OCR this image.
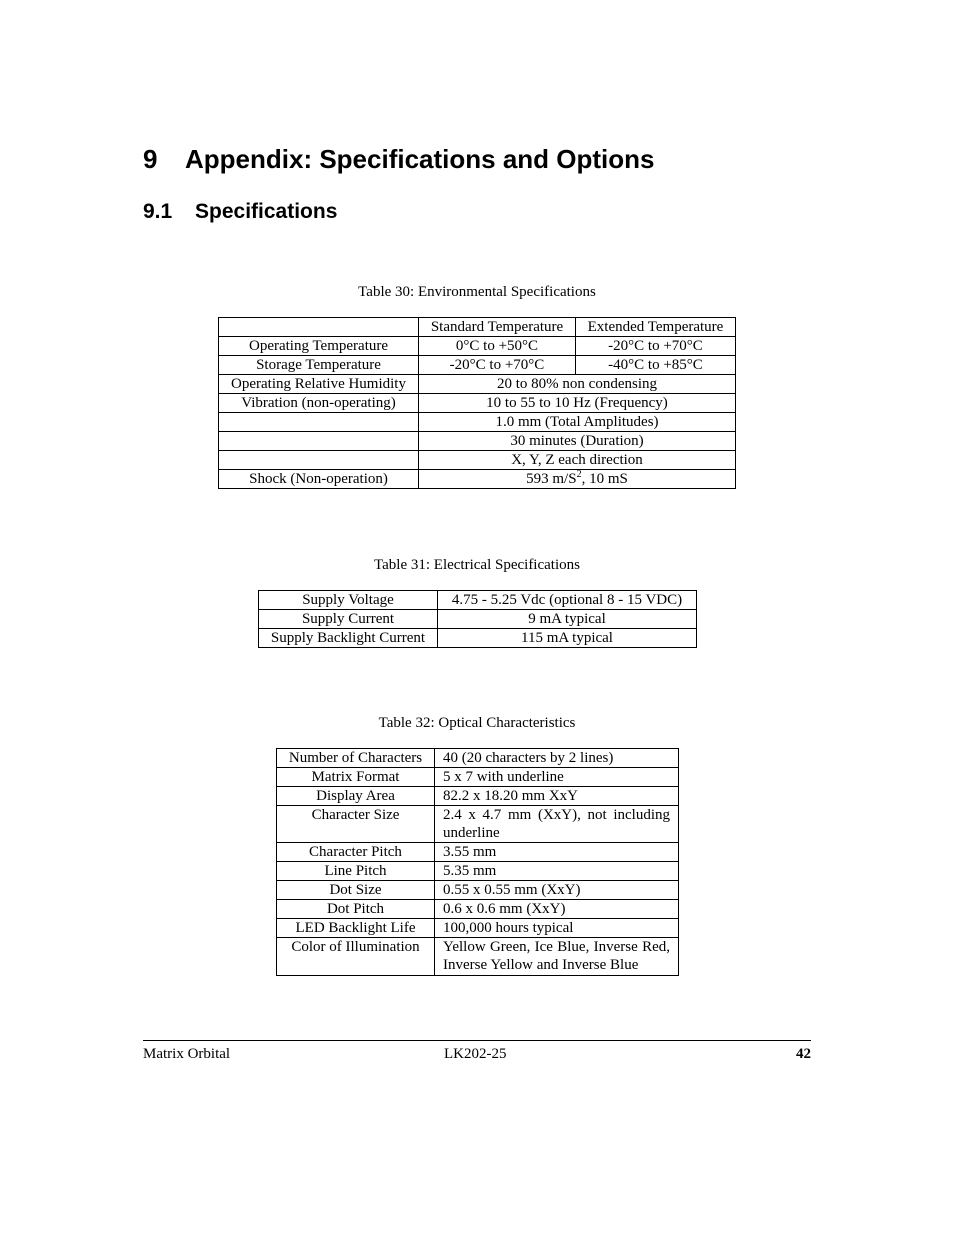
9 Appendix: Specifications and Options
9.1 Specifications
Table 30: Environmental Specifications
	Standard Temperature	Extended Temperature
Operating Temperature	0°C to +50°C	-20°C to +70°C
Storage Temperature	-20°C to +70°C	-40°C to +85°C
Operating Relative Humidity	20 to 80% non condensing	
Vibration (non-operating)	10 to 55 to 10 Hz (Frequency)	
	1.0 mm (Total Amplitudes)	
	30 minutes (Duration)	
	X, Y, Z each direction	
Shock (Non-operation)	593 $m/S^2$, 10 mS	
Table 31: Electrical Specifications
Supply Voltage	4.75 - 5.25 Vdc (optional 8 - 15 VDC)
Supply Current	9 mA typical
Supply Backlight Current	115 mA typical
Table 32: Optical Characteristics
Number of Characters	40 (20 characters by 2 lines)
Matrix Format	5 x 7 with underline
Display Area	82.2 x 18.20 mm XxY
Character Size	2.4 x 4.7 mm (XxY), not including underline
Character Pitch	3.55 mm
Line Pitch	5.35 mm
Dot Size	0.55 x 0.55 mm (XxY)
Dot Pitch	0.6 x 0.6 mm (XxY)
LED Backlight Life	100,000 hours typical
Color of Illumination	Yellow Green, Ice Blue, Inverse Red, Inverse Yellow and Inverse Blue
Matrix Orbital	LK202-25	42
